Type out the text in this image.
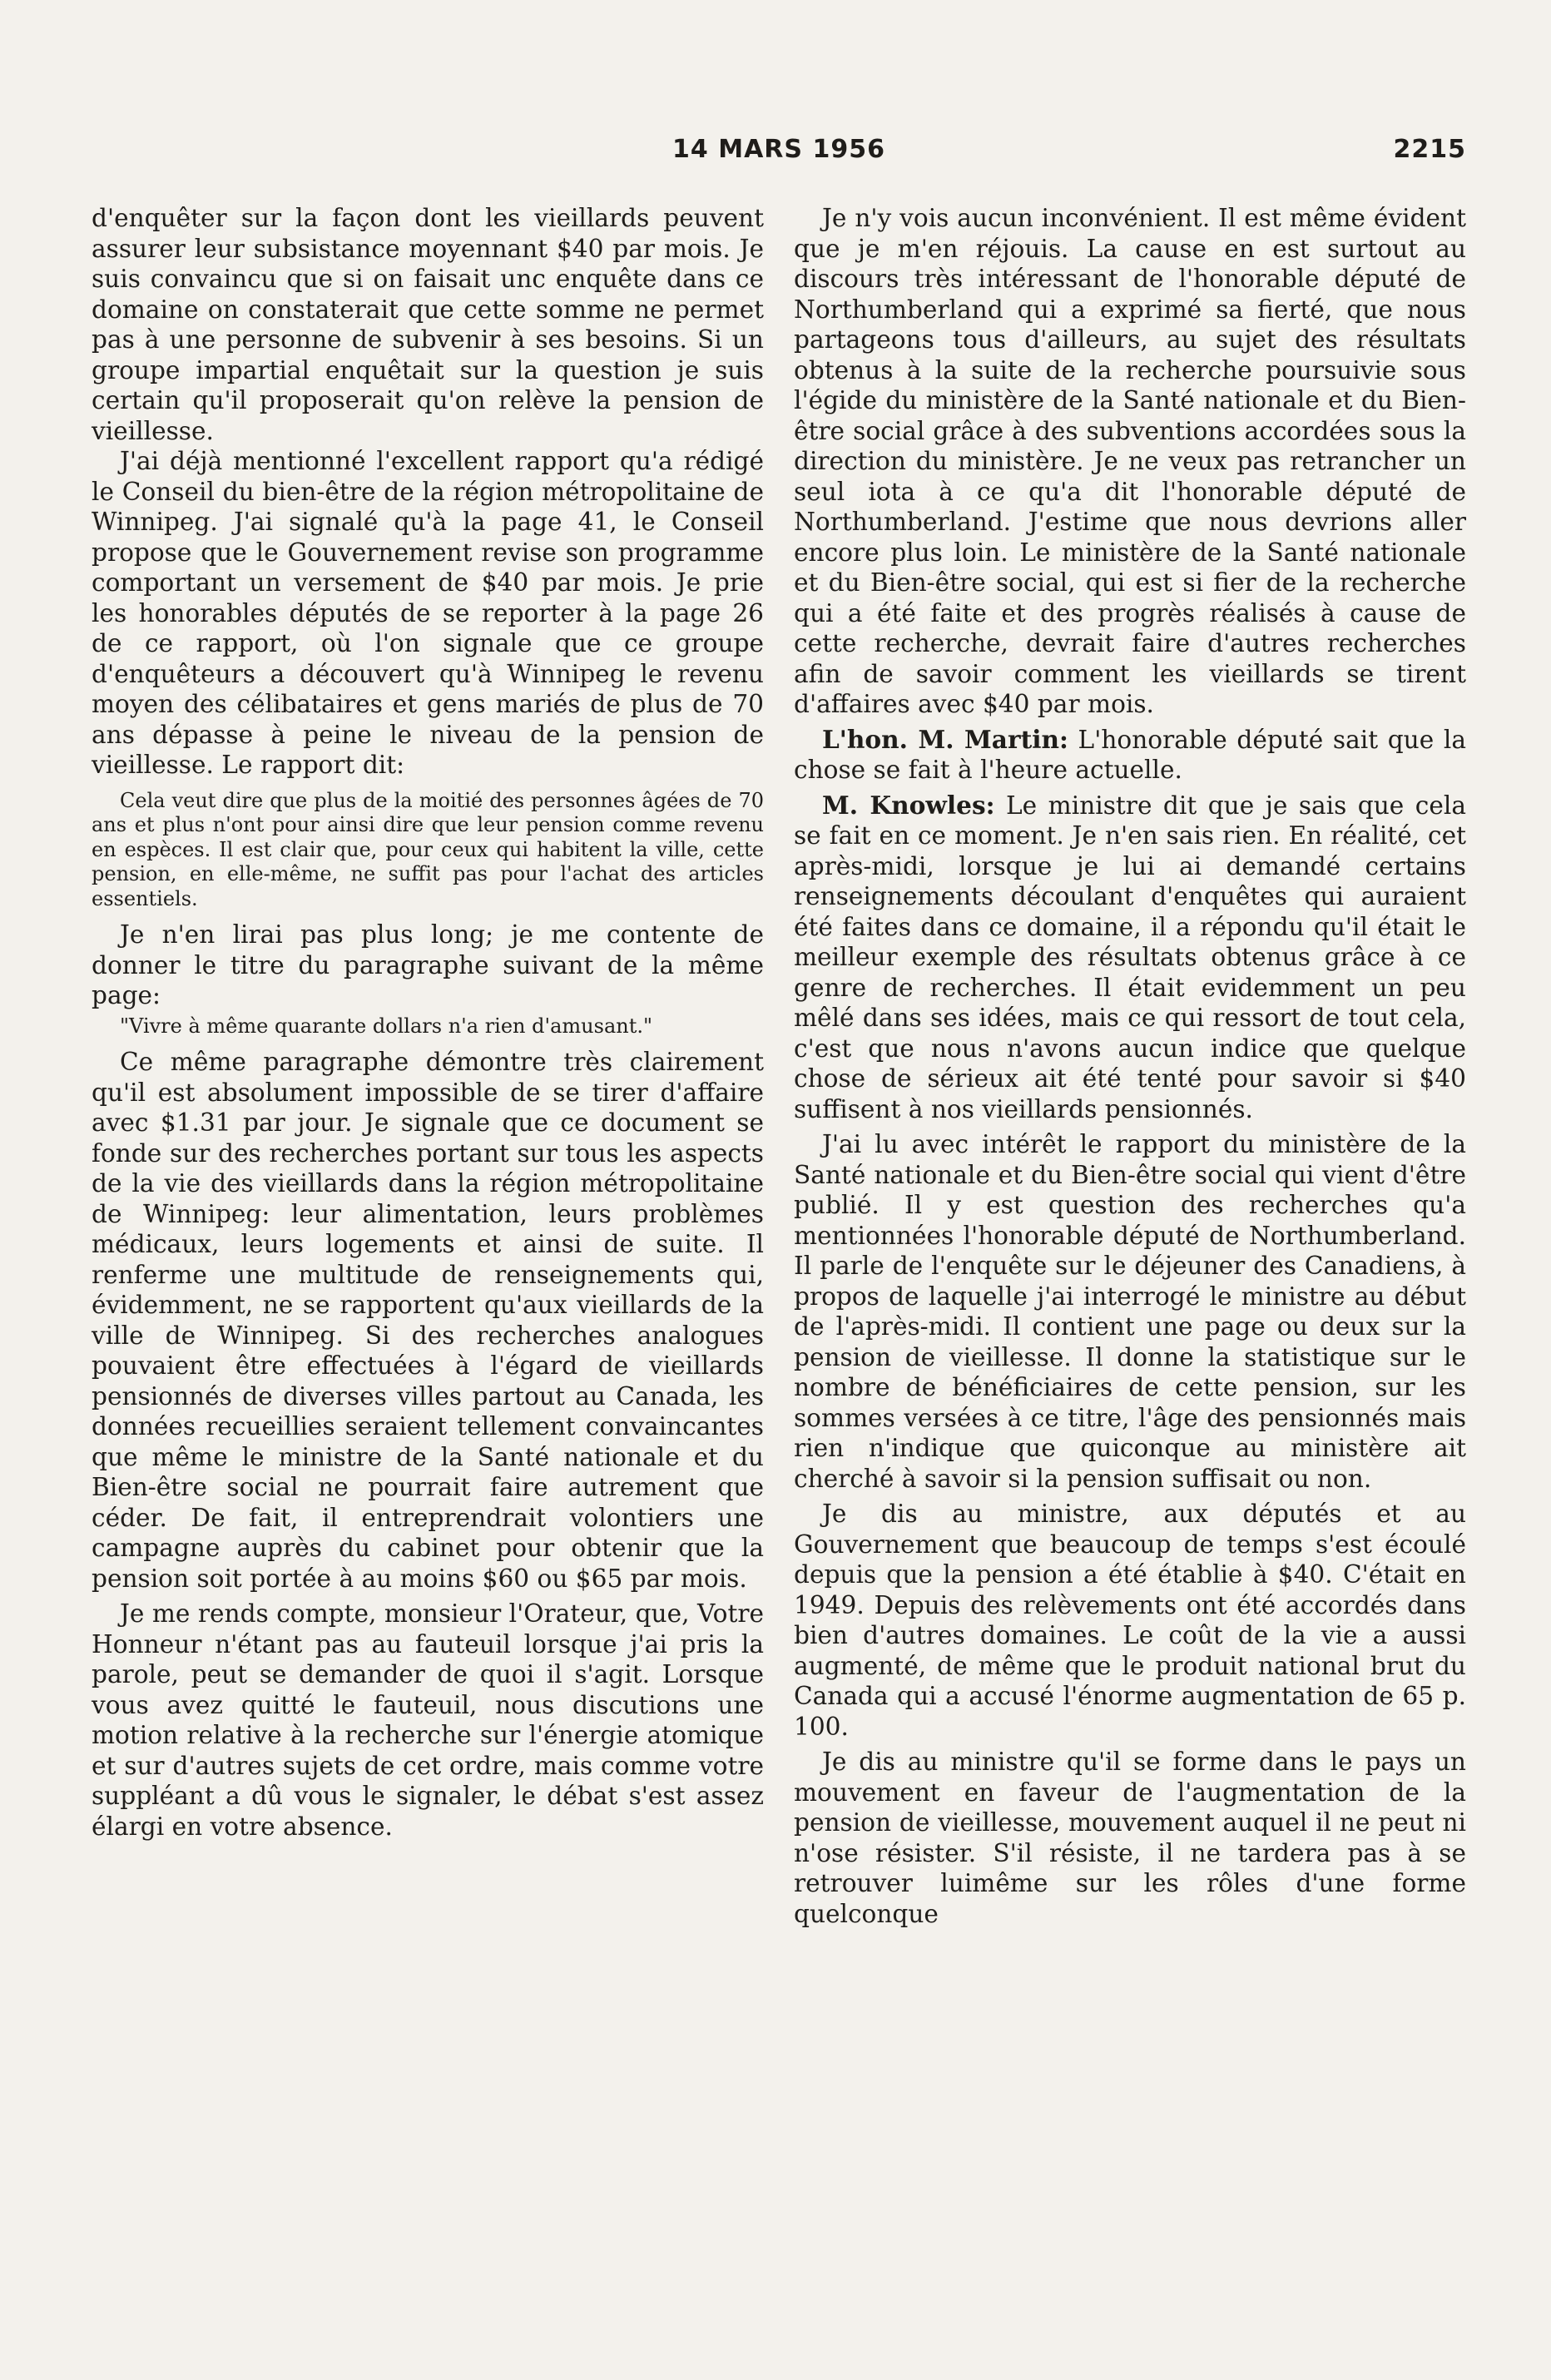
14 MARS 1956	2215

d'enquêter sur la façon dont les vieillards peuvent assurer leur subsistance moyennant $40 par mois. Je suis convaincu que si on faisait unc enquête dans ce domaine on constaterait que cette somme ne permet pas à une personne de subvenir à ses besoins. Si un groupe impartial enquêtait sur la question je suis certain qu'il proposerait qu'on relève la pension de vieillesse.

J'ai déjà mentionné l'excellent rapport qu'a rédigé le Conseil du bien-être de la région métropolitaine de Winnipeg. J'ai signalé qu'à la page 41, le Conseil propose que le Gouvernement revise son programme comportant un versement de $40 par mois. Je prie les honorables députés de se reporter à la page 26 de ce rapport, où l'on signale que ce groupe d'enquêteurs a découvert qu'à Winnipeg le revenu moyen des célibataires et gens mariés de plus de 70 ans dépasse à peine le niveau de la pension de vieillesse. Le rapport dit:

Cela veut dire que plus de la moitié des personnes âgées de 70 ans et plus n'ont pour ainsi dire que leur pension comme revenu en espèces. Il est clair que, pour ceux qui habitent la ville, cette pension, en elle-même, ne suffit pas pour l'achat des articles essentiels.

Je n'en lirai pas plus long; je me contente de donner le titre du paragraphe suivant de la même page:

"Vivre à même quarante dollars n'a rien d'amusant."

Ce même paragraphe démontre très clairement qu'il est absolument impossible de se tirer d'affaire avec $1.31 par jour. Je signale que ce document se fonde sur des recherches portant sur tous les aspects de la vie des vieillards dans la région métropolitaine de Winnipeg: leur alimentation, leurs problèmes médicaux, leurs logements et ainsi de suite. Il renferme une multitude de renseignements qui, évidemment, ne se rapportent qu'aux vieillards de la ville de Winnipeg. Si des recherches analogues pouvaient être effectuées à l'égard de vieillards pensionnés de diverses villes partout au Canada, les données recueillies seraient tellement convaincantes que même le ministre de la Santé nationale et du Bien-être social ne pourrait faire autrement que céder. De fait, il entreprendrait volontiers une campagne auprès du cabinet pour obtenir que la pension soit portée à au moins $60 ou $65 par mois.

Je me rends compte, monsieur l'Orateur, que, Votre Honneur n'étant pas au fauteuil lorsque j'ai pris la parole, peut se demander de quoi il s'agit. Lorsque vous avez quitté le fauteuil, nous discutions une motion relative à la recherche sur l'énergie atomique et sur d'autres sujets de cet ordre, mais comme votre suppléant a dû vous le signaler, le débat s'est assez élargi en votre absence.

Je n'y vois aucun inconvénient. Il est même évident que je m'en réjouis. La cause en est surtout au discours très intéressant de l'honorable député de Northumberland qui a exprimé sa fierté, que nous partageons tous d'ailleurs, au sujet des résultats obtenus à la suite de la recherche poursuivie sous l'égide du ministère de la Santé nationale et du Bien-être social grâce à des subventions accordées sous la direction du ministère. Je ne veux pas retrancher un seul iota à ce qu'a dit l'honorable député de Northumberland. J'estime que nous devrions aller encore plus loin. Le ministère de la Santé nationale et du Bien-être social, qui est si fier de la recherche qui a été faite et des progrès réalisés à cause de cette recherche, devrait faire d'autres recherches afin de savoir comment les vieillards se tirent d'affaires avec $40 par mois.

L'hon. M. Martin: L'honorable député sait que la chose se fait à l'heure actuelle.

M. Knowles: Le ministre dit que je sais que cela se fait en ce moment. Je n'en sais rien. En réalité, cet après-midi, lorsque je lui ai demandé certains renseignements découlant d'enquêtes qui auraient été faites dans ce domaine, il a répondu qu'il était le meilleur exemple des résultats obtenus grâce à ce genre de recherches. Il était evidemment un peu mêlé dans ses idées, mais ce qui ressort de tout cela, c'est que nous n'avons aucun indice que quelque chose de sérieux ait été tenté pour savoir si $40 suffisent à nos vieillards pensionnés.

J'ai lu avec intérêt le rapport du ministère de la Santé nationale et du Bien-être social qui vient d'être publié. Il y est question des recherches qu'a mentionnées l'honorable député de Northumberland. Il parle de l'enquête sur le déjeuner des Canadiens, à propos de laquelle j'ai interrogé le ministre au début de l'après-midi. Il contient une page ou deux sur la pension de vieillesse. Il donne la statistique sur le nombre de bénéficiaires de cette pension, sur les sommes versées à ce titre, l'âge des pensionnés mais rien n'indique que quiconque au ministère ait cherché à savoir si la pension suffisait ou non.

Je dis au ministre, aux députés et au Gouvernement que beaucoup de temps s'est écoulé depuis que la pension a été établie à $40. C'était en 1949. Depuis des relèvements ont été accordés dans bien d'autres domaines. Le coût de la vie a aussi augmenté, de même que le produit national brut du Canada qui a accusé l'énorme augmentation de 65 p. 100.

Je dis au ministre qu'il se forme dans le pays un mouvement en faveur de l'augmentation de la pension de vieillesse, mouvement auquel il ne peut ni n'ose résister. S'il résiste, il ne tardera pas à se retrouver luimême sur les rôles d'une forme quelconque
